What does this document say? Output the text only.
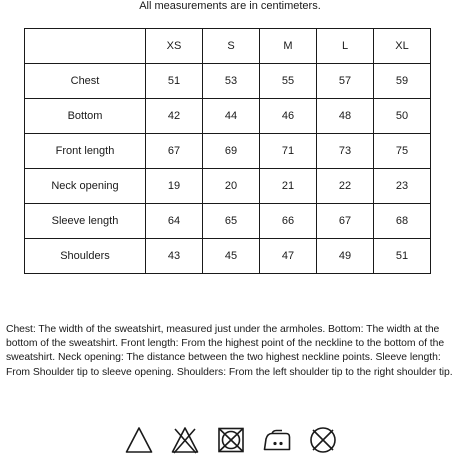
All measurements are in centimeters.
	XS	S	M	L	XL
Chest	51	53	55	57	59
Bottom	42	44	46	48	50
Front length	67	69	71	73	75
Neck opening	19	20	21	22	23
Sleeve length	64	65	66	67	68
Shoulders	43	45	47	49	51
Chest: The width of the sweatshirt, measured just under the armholes. Bottom: The width at the bottom of the sweatshirt. Front length: From the highest point of the neckline to the bottom of the sweatshirt. Neck opening: The distance between the two highest neckline points. Sleeve length: From Shoulder tip to sleeve opening. Shoulders: From the left shoulder tip to the right shoulder tip.
